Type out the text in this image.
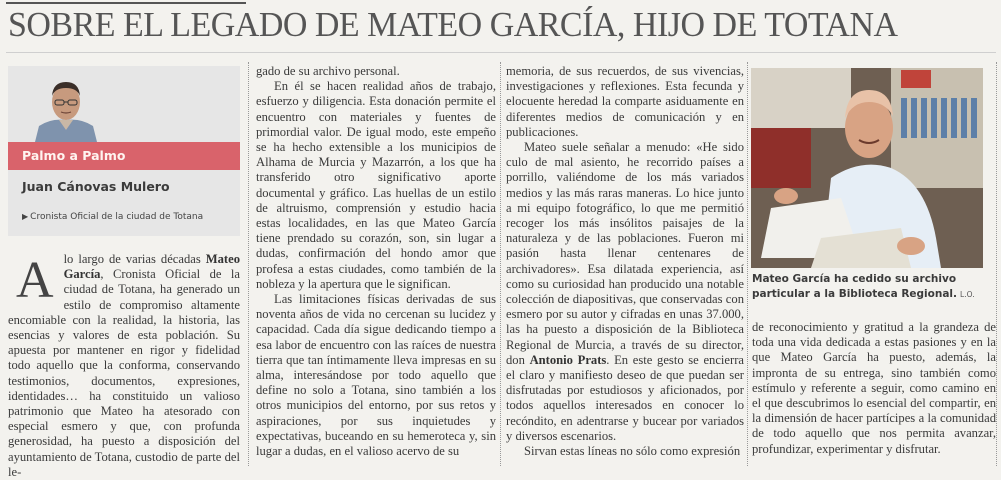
SOBRE EL LEGADO DE MATEO GARCÍA, HIJO DE TOTANA
Palmo a Palmo
Juan Cánovas Mulero
▶ Cronista Oficial de la ciudad de Totana
A lo largo de varias décadas Mateo García, Cronista Oficial de la ciudad de Totana, ha generado un estilo de compromiso altamente encomiable con la realidad, la historia, las esencias y valores de esta población. Su apuesta por mantener en rigor y fidelidad todo aquello que la conforma, conservando testimonios, documentos, expresiones, identidades… ha constituido un valioso patrimonio que Mateo ha atesorado con especial esmero y que, con profunda generosidad, ha puesto a disposición del ayuntamiento de Totana, custodio de parte del le-

gado de su archivo personal.

En él se hacen realidad años de trabajo, esfuerzo y diligencia. Esta donación permite el encuentro con materiales y fuentes de primordial valor. De igual modo, este empeño se ha hecho extensible a los municipios de Alhama de Murcia y Mazarrón, a los que ha transferido otro significativo aporte documental y gráfico. Las huellas de un estilo de altruismo, comprensión y estudio hacia estas localidades, en las que Mateo García tiene prendado su corazón, son, sin lugar a dudas, confirmación del hondo amor que profesa a estas ciudades, como también de la nobleza y la apertura que le significan.

Las limitaciones físicas derivadas de sus noventa años de vida no cercenan su lucidez y capacidad. Cada día sigue dedicando tiempo a esa labor de encuentro con las raíces de nuestra tierra que tan íntimamente lleva impresas en su alma, interesándose por todo aquello que define no solo a Totana, sino también a los otros municipios del entorno, por sus retos y aspiraciones, por sus inquietudes y expectativas, buceando en su hemeroteca y, sin lugar a dudas, en el valioso acervo de su

memoria, de sus recuerdos, de sus vivencias, investigaciones y reflexiones. Esta fecunda y elocuente heredad la comparte asiduamente en diferentes medios de comunicación y en publicaciones.

Mateo suele señalar a menudo: «He sido culo de mal asiento, he recorrido países a porrillo, valiéndome de los más variados medios y las más raras maneras. Lo hice junto a mi equipo fotográfico, lo que me permitió recoger los más insólitos paisajes de la naturaleza y de las poblaciones. Fueron mi pasión hasta llenar centenares de archivadores». Esa dilatada experiencia, así como su curiosidad han producido una notable colección de diapositivas, que conservadas con esmero por su autor y cifradas en unas 37.000, las ha puesto a disposición de la Biblioteca Regional de Murcia, a través de su director, don Antonio Prats. En este gesto se encierra el claro y manifiesto deseo de que puedan ser disfrutadas por estudiosos y aficionados, por todos aquellos interesados en conocer lo recóndito, en adentrarse y bucear por variados y diversos escenarios.

Sirvan estas líneas no sólo como expresión

Mateo García ha cedido su archivo particular a la Biblioteca Regional. L.O.

de reconocimiento y gratitud a la grandeza de toda una vida dedicada a estas pasiones y en la que Mateo García ha puesto, además, la impronta de su entrega, sino también como estímulo y referente a seguir, como camino en el que descubrimos lo esencial del compartir, en la dimensión de hacer partícipes a la comunidad de todo aquello que nos permita avanzar, profundizar, experimentar y disfrutar.
